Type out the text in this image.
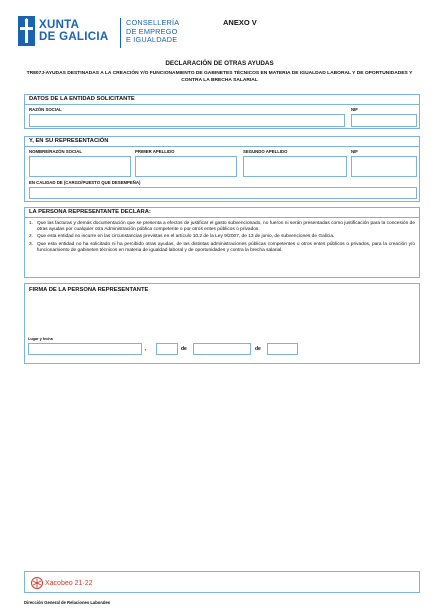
XUNTA
DE GALICIA
CONSELLERÍA
DE EMPREGO
E IGUALDADE
ANEXO V
DECLARACIÓN DE OTRAS AYUDAS
TR807J-AYUDAS DESTINADAS A LA CREACIÓN Y/O FUNCIONAMIENTO DE GABINETES TÉCNICOS EN MATERIA DE IGUALDAD LABORAL Y DE OPORTUNIDADES Y CONTRA LA BRECHA SALARIAL
DATOS DE LA ENTIDAD SOLICITANTE
RAZÓN SOCIAL	NIF
Y, EN SU REPRESENTACIÓN
NOMBRE/RAZÓN SOCIAL	PRIMER APELLIDO	SEGUNDO APELLIDO	NIF
EN CALIDAD DE (CARGO/PUESTO QUE DESEMPEÑA)
LA PERSONA REPRESENTANTE DECLARA:
1. Que las facturas y demás documentación que se presenta a efectos de justificar el gasto subvencionado, no fueron ni serán presentadas como justificación para la concesión de otras ayudas por cualquier otra Administración pública competente o por otros entes públicos o privados.
2. Que esta entidad no incurre en las circunstancias previstas en el artículo 10.2 de la Ley 9/2007, de 13 de junio, de subvenciones de Galicia.
3. Que esta entidad no ha solicitado ni ha percibido otras ayudas, de las distintas administraciones públicas competentes u otros entes públicos o privados, para la creación y/o funcionamiento de gabinetes técnicos en materia de igualdad laboral y de oportunidades y contra la brecha salarial.
FIRMA DE LA PERSONA REPRESENTANTE
Lugar y fecha
,	de	de
Xacobeo 21·22
Dirección General de Relaciones Laborales
